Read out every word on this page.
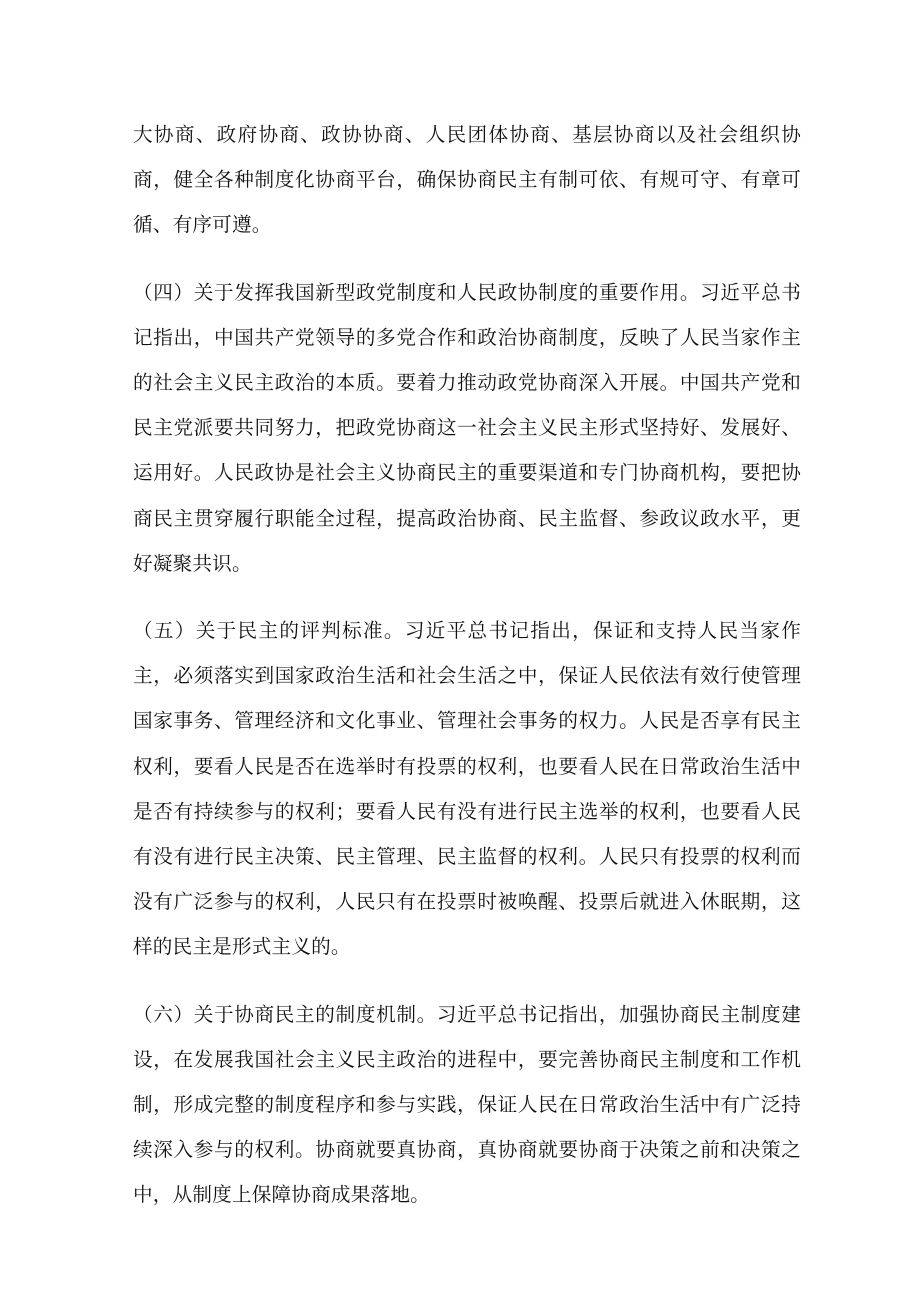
大协商、政府协商、政协协商、人民团体协商、基层协商以及社会组织协商，健全各种制度化协商平台，确保协商民主有制可依、有规可守、有章可循、有序可遵。

（四）关于发挥我国新型政党制度和人民政协制度的重要作用。习近平总书记指出，中国共产党领导的多党合作和政治协商制度，反映了人民当家作主的社会主义民主政治的本质。要着力推动政党协商深入开展。中国共产党和民主党派要共同努力，把政党协商这一社会主义民主形式坚持好、发展好、运用好。人民政协是社会主义协商民主的重要渠道和专门协商机构，要把协商民主贯穿履行职能全过程，提高政治协商、民主监督、参政议政水平，更好凝聚共识。

（五）关于民主的评判标准。习近平总书记指出，保证和支持人民当家作主，必须落实到国家政治生活和社会生活之中，保证人民依法有效行使管理国家事务、管理经济和文化事业、管理社会事务的权力。人民是否享有民主权利，要看人民是否在选举时有投票的权利，也要看人民在日常政治生活中是否有持续参与的权利；要看人民有没有进行民主选举的权利，也要看人民有没有进行民主决策、民主管理、民主监督的权利。人民只有投票的权利而没有广泛参与的权利，人民只有在投票时被唤醒、投票后就进入休眠期，这样的民主是形式主义的。

（六）关于协商民主的制度机制。习近平总书记指出，加强协商民主制度建设，在发展我国社会主义民主政治的进程中，要完善协商民主制度和工作机制，形成完整的制度程序和参与实践，保证人民在日常政治生活中有广泛持续深入参与的权利。协商就要真协商，真协商就要协商于决策之前和决策之中，从制度上保障协商成果落地。
